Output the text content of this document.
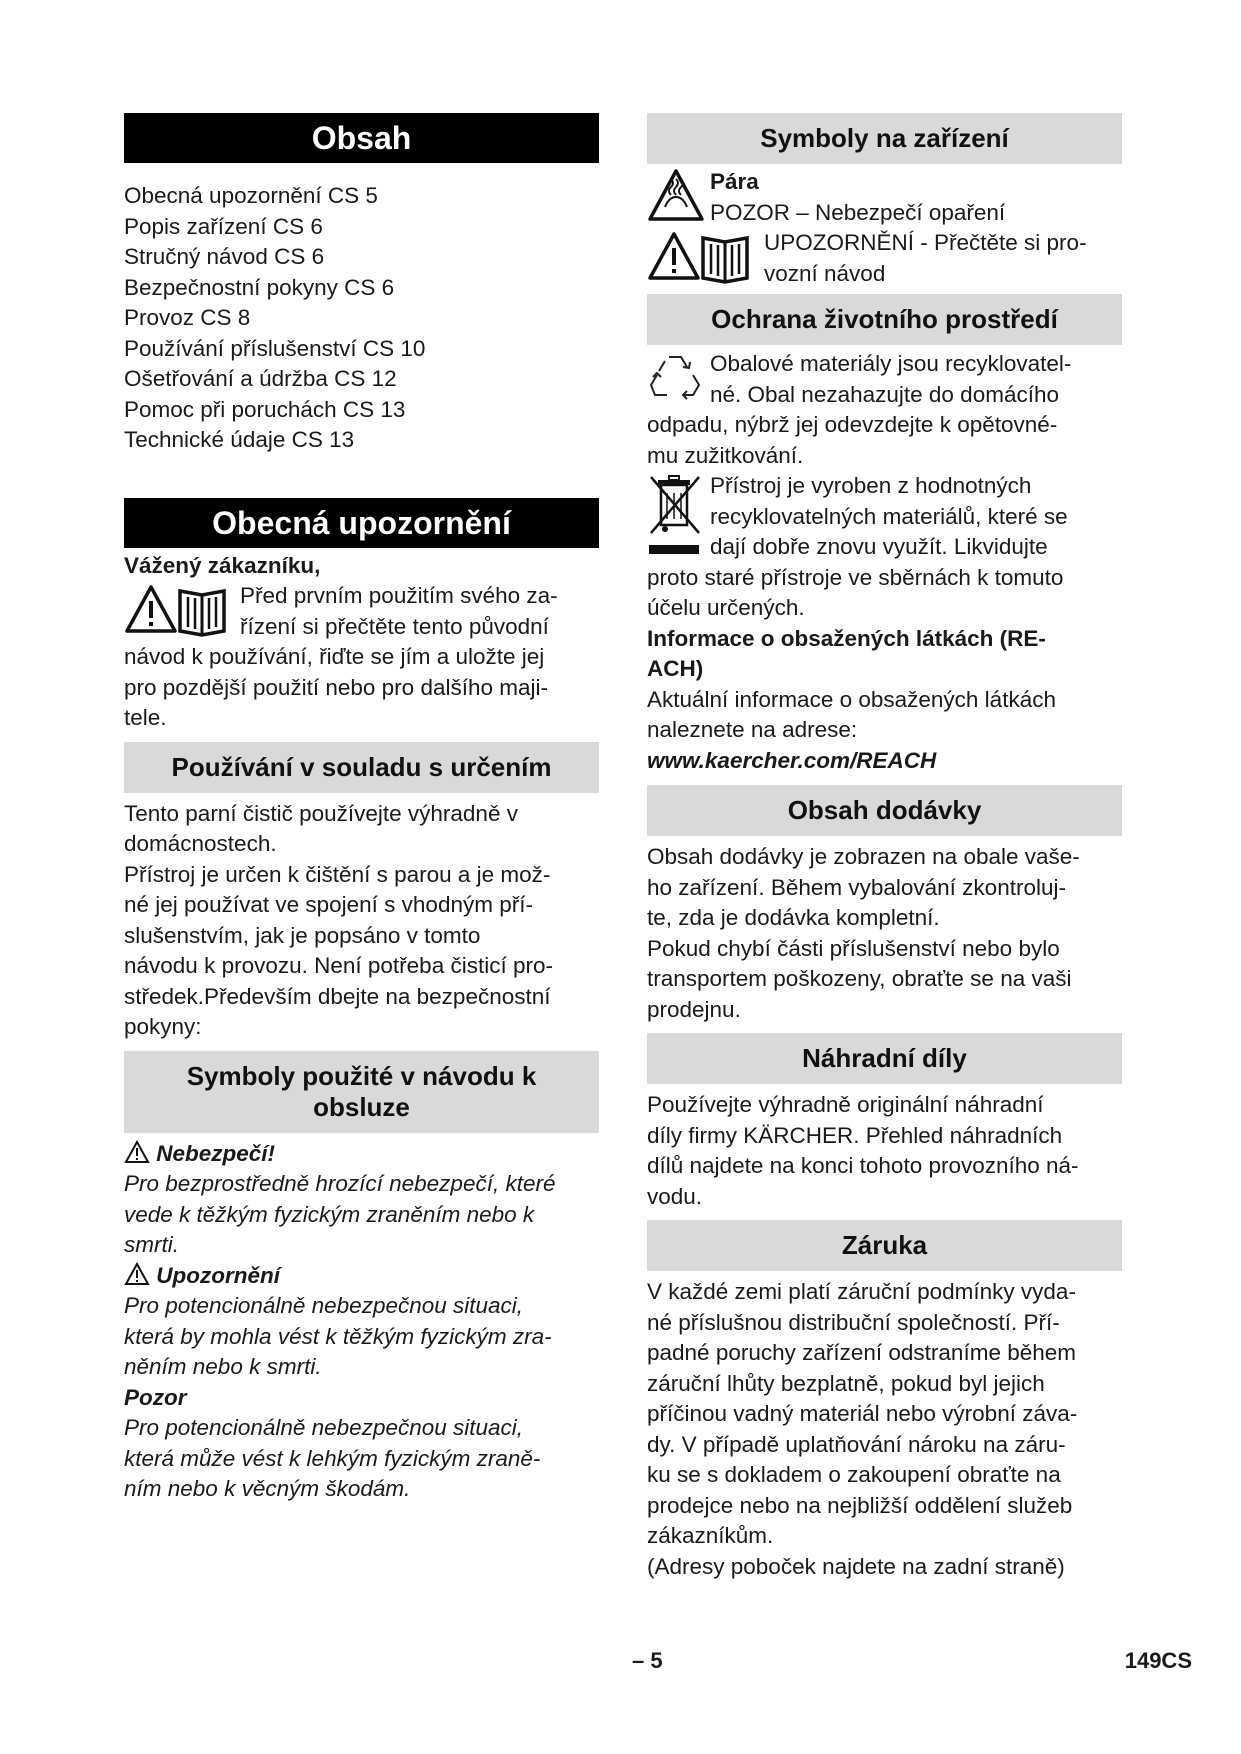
Obsah

Obecná upozornění CS 5

Popis zařízení CS 6

Stručný návod CS 6

Bezpečnostní pokyny CS 6

Provoz CS 8

Používání příslušenství CS 10

Ošetřování a údržba CS 12

Pomoc při poruchách CS 13

Technické údaje CS 13

Obecná upozornění

Vážený zákazníku,

Před prvním použitím svého za-

řízení si přečtěte tento původní

návod k používání, řiďte se jím a uložte jej

pro pozdější použití nebo pro dalšího maji-

tele.

Používání v souladu s určením

Tento parní čistič používejte výhradně v

domácnostech.

Přístroj je určen k čištění s parou a je mož-

né jej používat ve spojení s vhodným pří-

slušenstvím, jak je popsáno v tomto

návodu k provozu. Není potřeba čisticí pro-

středek.Především dbejte na bezpečnostní

pokyny:

Symboly použité v návodu k
obsluze

Nebezpečí!

Pro bezprostředně hrozící nebezpečí, které

vede k těžkým fyzickým zraněním nebo k

smrti.

Upozornění

Pro potencionálně nebezpečnou situaci,

která by mohla vést k těžkým fyzickým zra-

něním nebo k smrti.

Pozor

Pro potencionálně nebezpečnou situaci,

která může vést k lehkým fyzickým zraně-

ním nebo k věcným škodám.

Symboly na zařízení

Pára

POZOR – Nebezpečí opaření

UPOZORNĚNÍ - Přečtěte si pro-

vozní návod

Ochrana životního prostředí

Obalové materiály jsou recyklovatel-

né. Obal nezahazujte do domácího

odpadu, nýbrž jej odevzdejte k opětovné-

mu zužitkování.

Přístroj je vyroben z hodnotných

recyklovatelných materiálů, které se

dají dobře znovu využít. Likvidujte

proto staré přístroje ve sběrnách k tomuto

účelu určených.

Informace o obsažených látkách (RE-

ACH)

Aktuální informace o obsažených látkách

naleznete na adrese:

www.kaercher.com/REACH

Obsah dodávky

Obsah dodávky je zobrazen na obale vaše-

ho zařízení. Během vybalování zkontroluj-

te, zda je dodávka kompletní.

Pokud chybí části příslušenství nebo bylo

transportem poškozeny, obraťte se na vaši

prodejnu.

Náhradní díly

Používejte výhradně originální náhradní

díly firmy KÄRCHER. Přehled náhradních

dílů najdete na konci tohoto provozního ná-

vodu.

Záruka

V každé zemi platí záruční podmínky vyda-

né příslušnou distribuční společností. Pří-

padné poruchy zařízení odstraníme během

záruční lhůty bezplatně, pokud byl jejich

příčinou vadný materiál nebo výrobní záva-

dy. V případě uplatňování nároku na záru-

ku se s dokladem o zakoupení obraťte na

prodejce nebo na nejbližší oddělení služeb

zákazníkům.

(Adresy poboček najdete na zadní straně)

– 5	149CS
